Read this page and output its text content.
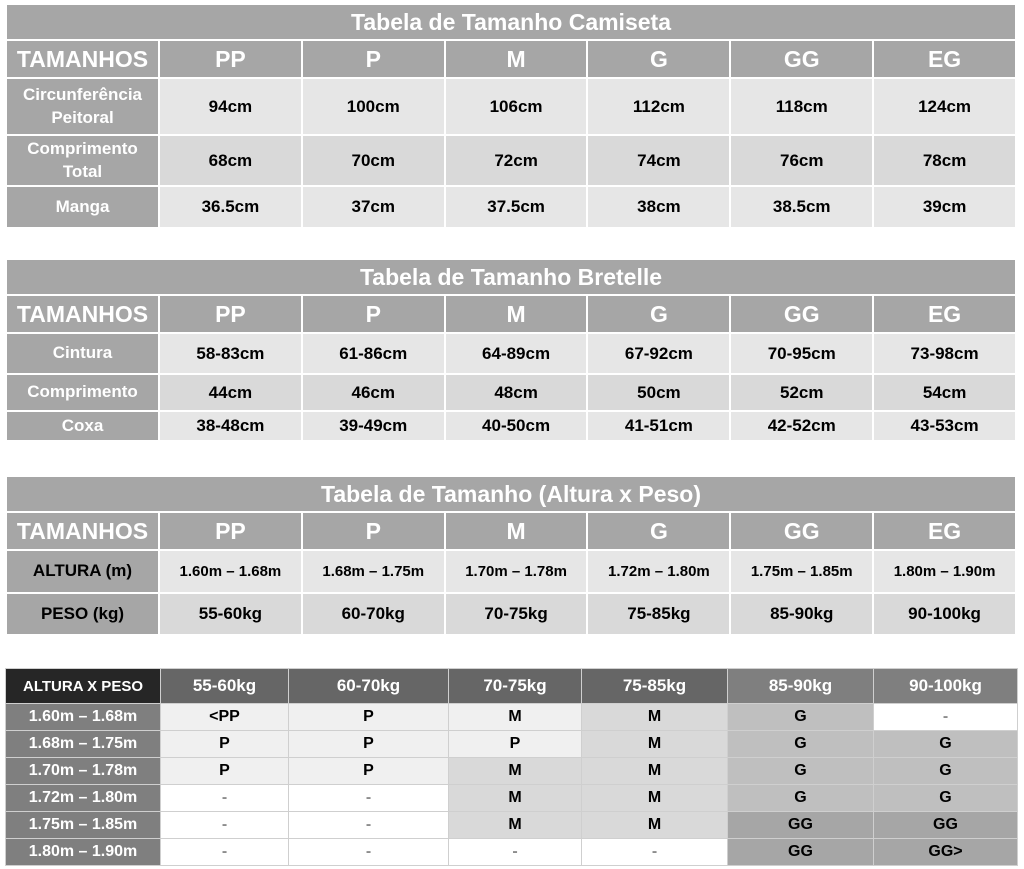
Tabela de Tamanho Camiseta						
TAMANHOS	PP	P	M	G	GG	EG
Circunferência Peitoral	94cm	100cm	106cm	112cm	118cm	124cm
Comprimento Total	68cm	70cm	72cm	74cm	76cm	78cm
Manga	36.5cm	37cm	37.5cm	38cm	38.5cm	39cm
Tabela de Tamanho Bretelle						
TAMANHOS	PP	P	M	G	GG	EG
Cintura	58-83cm	61-86cm	64-89cm	67-92cm	70-95cm	73-98cm
Comprimento	44cm	46cm	48cm	50cm	52cm	54cm
Coxa	38-48cm	39-49cm	40-50cm	41-51cm	42-52cm	43-53cm
Tabela de Tamanho (Altura x Peso)						
TAMANHOS	PP	P	M	G	GG	EG
ALTURA (m)	1.60m – 1.68m	1.68m – 1.75m	1.70m – 1.78m	1.72m – 1.80m	1.75m – 1.85m	1.80m – 1.90m
PESO (kg)	55-60kg	60-70kg	70-75kg	75-85kg	85-90kg	90-100kg
ALTURA X PESO	55-60kg	60-70kg	70-75kg	75-85kg	85-90kg	90-100kg
1.60m – 1.68m	<PP	P	M	M	G	-
1.68m – 1.75m	P	P	P	M	G	G
1.70m – 1.78m	P	P	M	M	G	G
1.72m – 1.80m	-	-	M	M	G	G
1.75m – 1.85m	-	-	M	M	GG	GG
1.80m – 1.90m	-	-	-	-	GG	GG>
